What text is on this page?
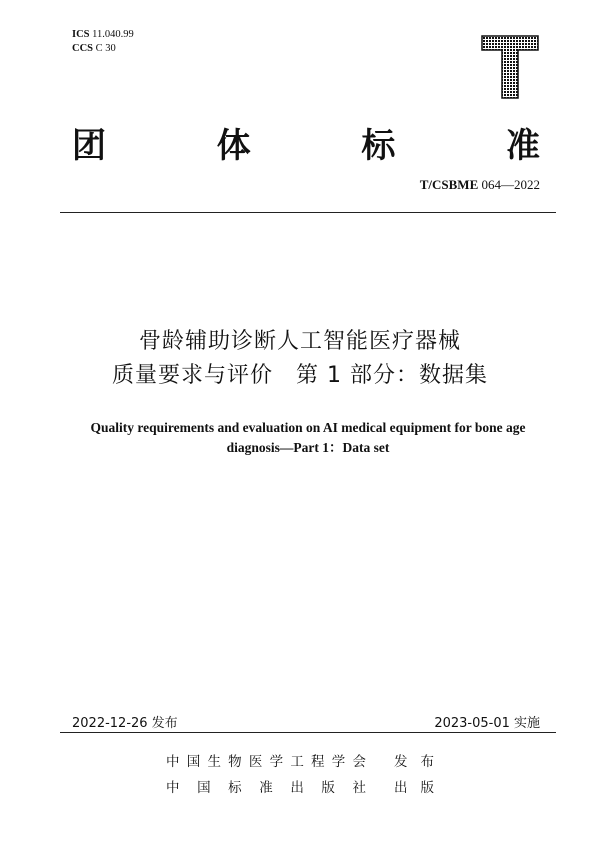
ICS 11.040.99
CCS C 30
团	体	标	准
T/CSBME 064—2022
骨龄辅助诊断人工智能医疗器械
质量要求与评价　第 1 部分：数据集
Quality requirements and evaluation on AI medical equipment for bone age
diagnosis—Part 1：Data set
2022-12-26 发布	2023-05-01 实施
中国生物医学工程学会 发布
中国标准出版社 出版
